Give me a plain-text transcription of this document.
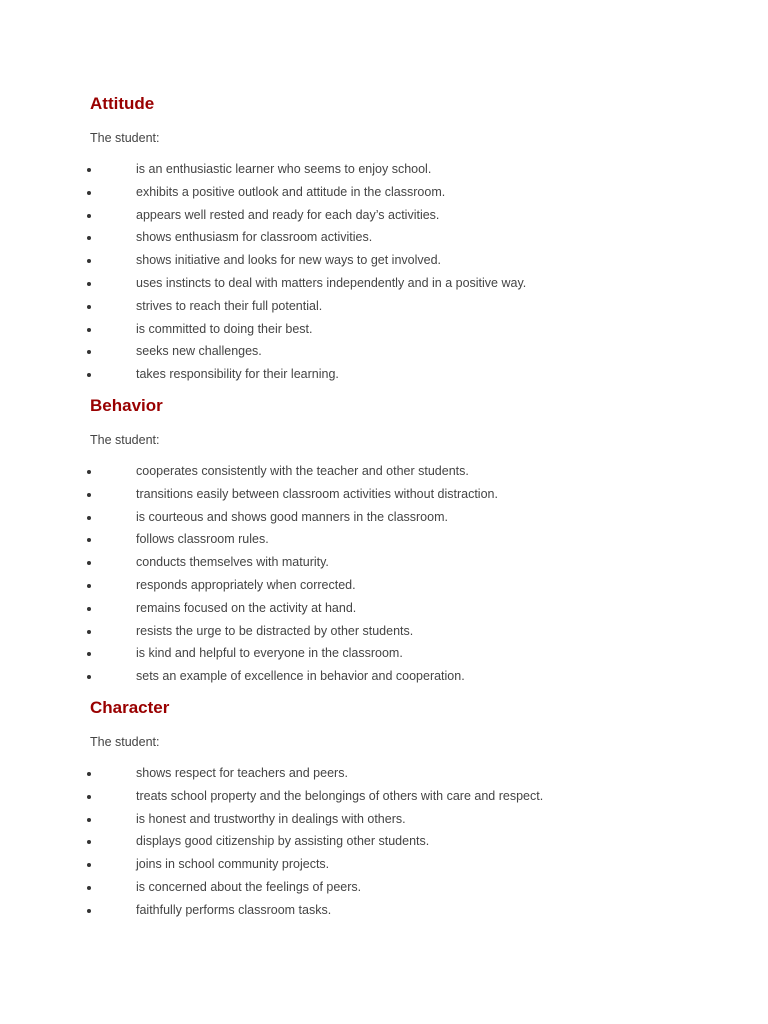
Attitude

The student:

is an enthusiastic learner who seems to enjoy school.
exhibits a positive outlook and attitude in the classroom.
appears well rested and ready for each day’s activities.
shows enthusiasm for classroom activities.
shows initiative and looks for new ways to get involved.
uses instincts to deal with matters independently and in a positive way.
strives to reach their full potential.
is committed to doing their best.
seeks new challenges.
takes responsibility for their learning.
Behavior

The student:

cooperates consistently with the teacher and other students.
transitions easily between classroom activities without distraction.
is courteous and shows good manners in the classroom.
follows classroom rules.
conducts themselves with maturity.
responds appropriately when corrected.
remains focused on the activity at hand.
resists the urge to be distracted by other students.
is kind and helpful to everyone in the classroom.
sets an example of excellence in behavior and cooperation.
Character

The student:

shows respect for teachers and peers.
treats school property and the belongings of others with care and respect.
is honest and trustworthy in dealings with others.
displays good citizenship by assisting other students.
joins in school community projects.
is concerned about the feelings of peers.
faithfully performs classroom tasks.
